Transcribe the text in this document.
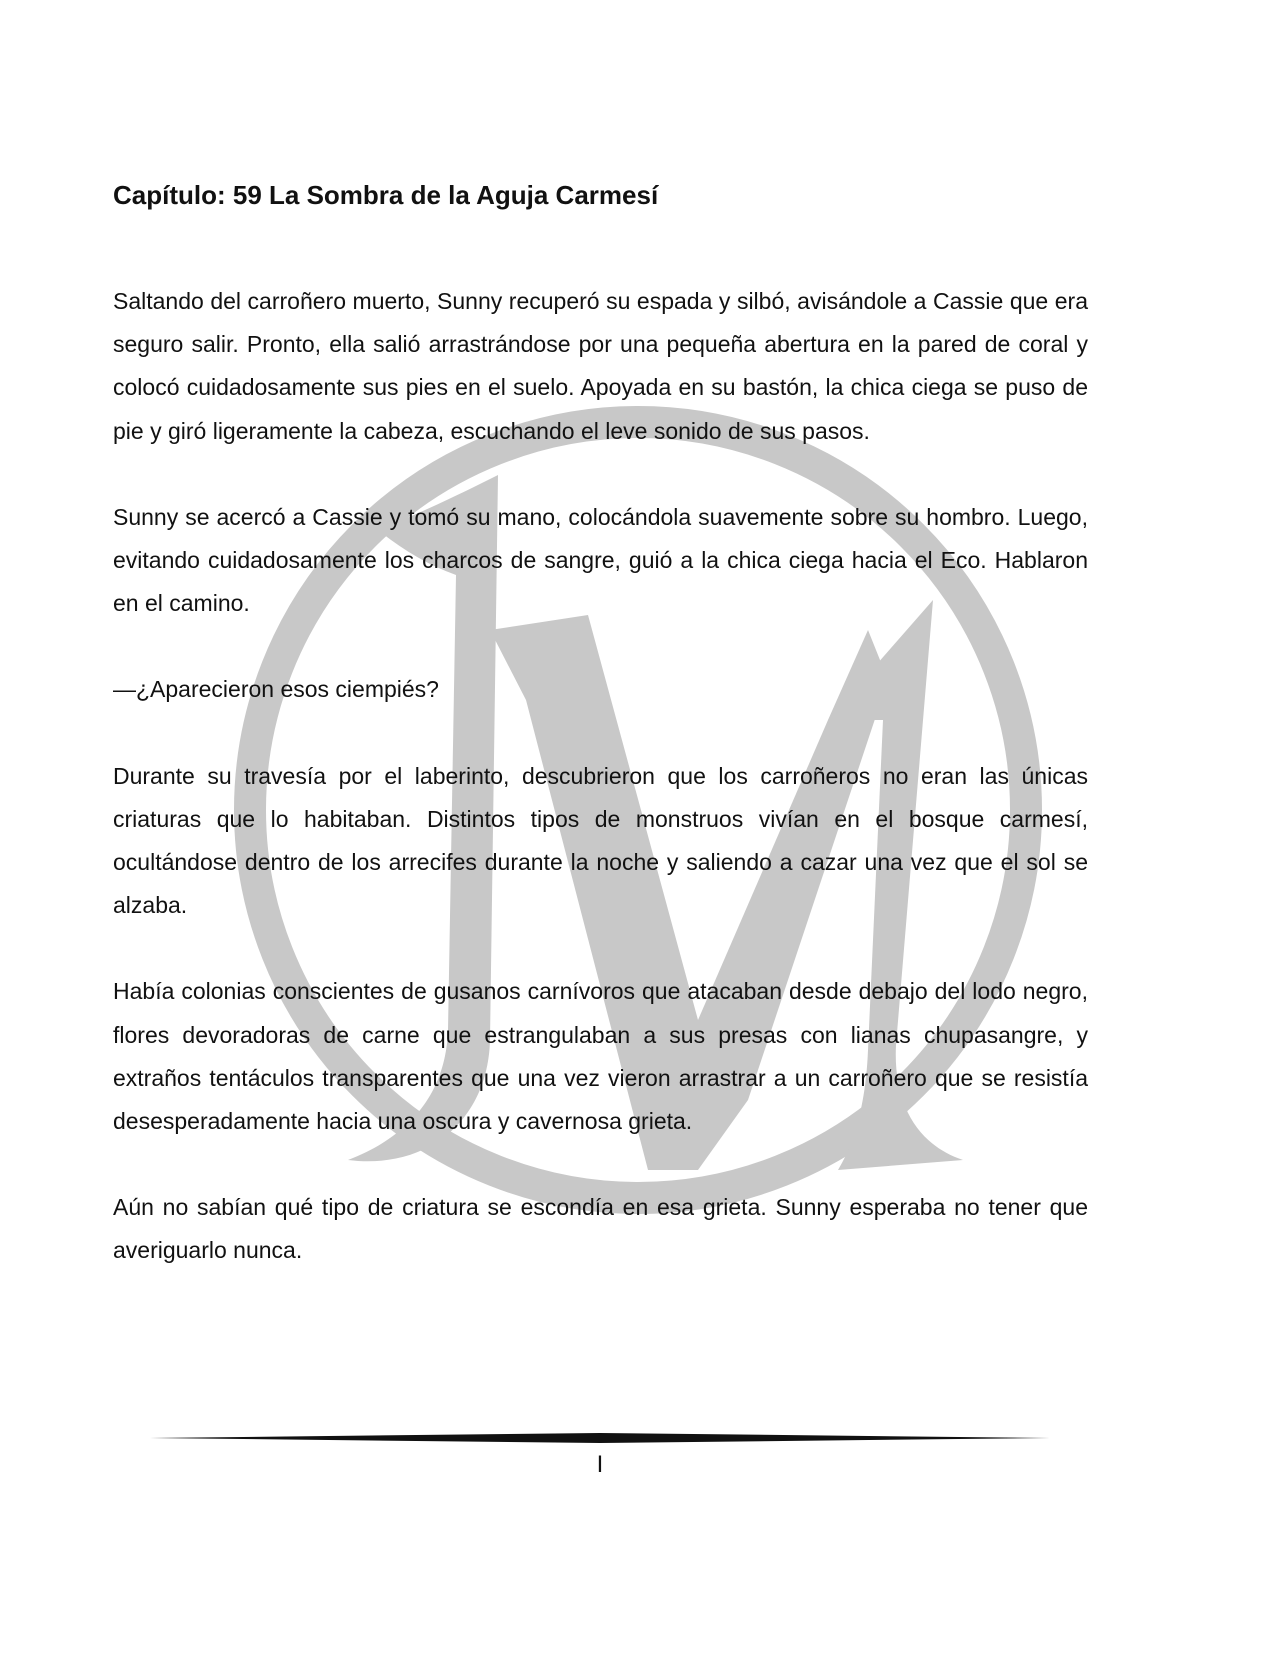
Capítulo: 59 La Sombra de la Aguja Carmesí

Saltando del carroñero muerto, Sunny recuperó su espada y silbó, avisándole a Cassie que era seguro salir. Pronto, ella salió arrastrándose por una pequeña abertura en la pared de coral y colocó cuidadosamente sus pies en el suelo. Apoyada en su bastón, la chica ciega se puso de pie y giró ligeramente la cabeza, escuchando el leve sonido de sus pasos.

Sunny se acercó a Cassie y tomó su mano, colocándola suavemente sobre su hombro. Luego, evitando cuidadosamente los charcos de sangre, guió a la chica ciega hacia el Eco. Hablaron en el camino.

—¿Aparecieron esos ciempiés?

Durante su travesía por el laberinto, descubrieron que los carroñeros no eran las únicas criaturas que lo habitaban. Distintos tipos de monstruos vivían en el bosque carmesí, ocultándose dentro de los arrecifes durante la noche y saliendo a cazar una vez que el sol se alzaba.

Había colonias conscientes de gusanos carnívoros que atacaban desde debajo del lodo negro, flores devoradoras de carne que estrangulaban a sus presas con lianas chupasangre, y extraños tentáculos transparentes que una vez vieron arrastrar a un carroñero que se resistía desesperadamente hacia una oscura y cavernosa grieta.

Aún no sabían qué tipo de criatura se escondía en esa grieta. Sunny esperaba no tener que averiguarlo nunca.

I
